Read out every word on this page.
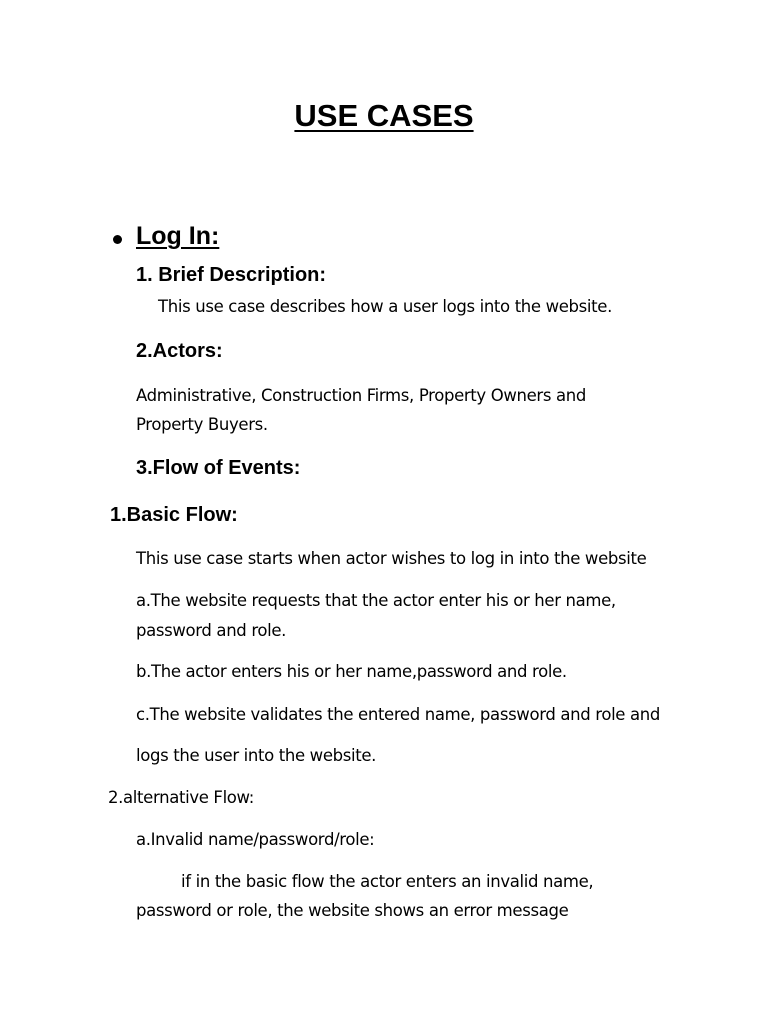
USE CASES
Log In:
1. Brief Description:
This use case describes how a user logs into the website.
2.Actors:
Administrative, Construction Firms, Property Owners and
Property Buyers.
3.Flow of Events:
1.Basic Flow:
This use case starts when actor wishes to log in into the website
a.The website requests that the actor enter his or her name,
password and role.
b.The actor enters his or her name,password and role.
c.The website validates the entered name, password and role and
logs the user into the website.
2.alternative Flow:
a.Invalid name/password/role:
if in the basic flow the actor enters an invalid name,
password or role, the website shows an error message
